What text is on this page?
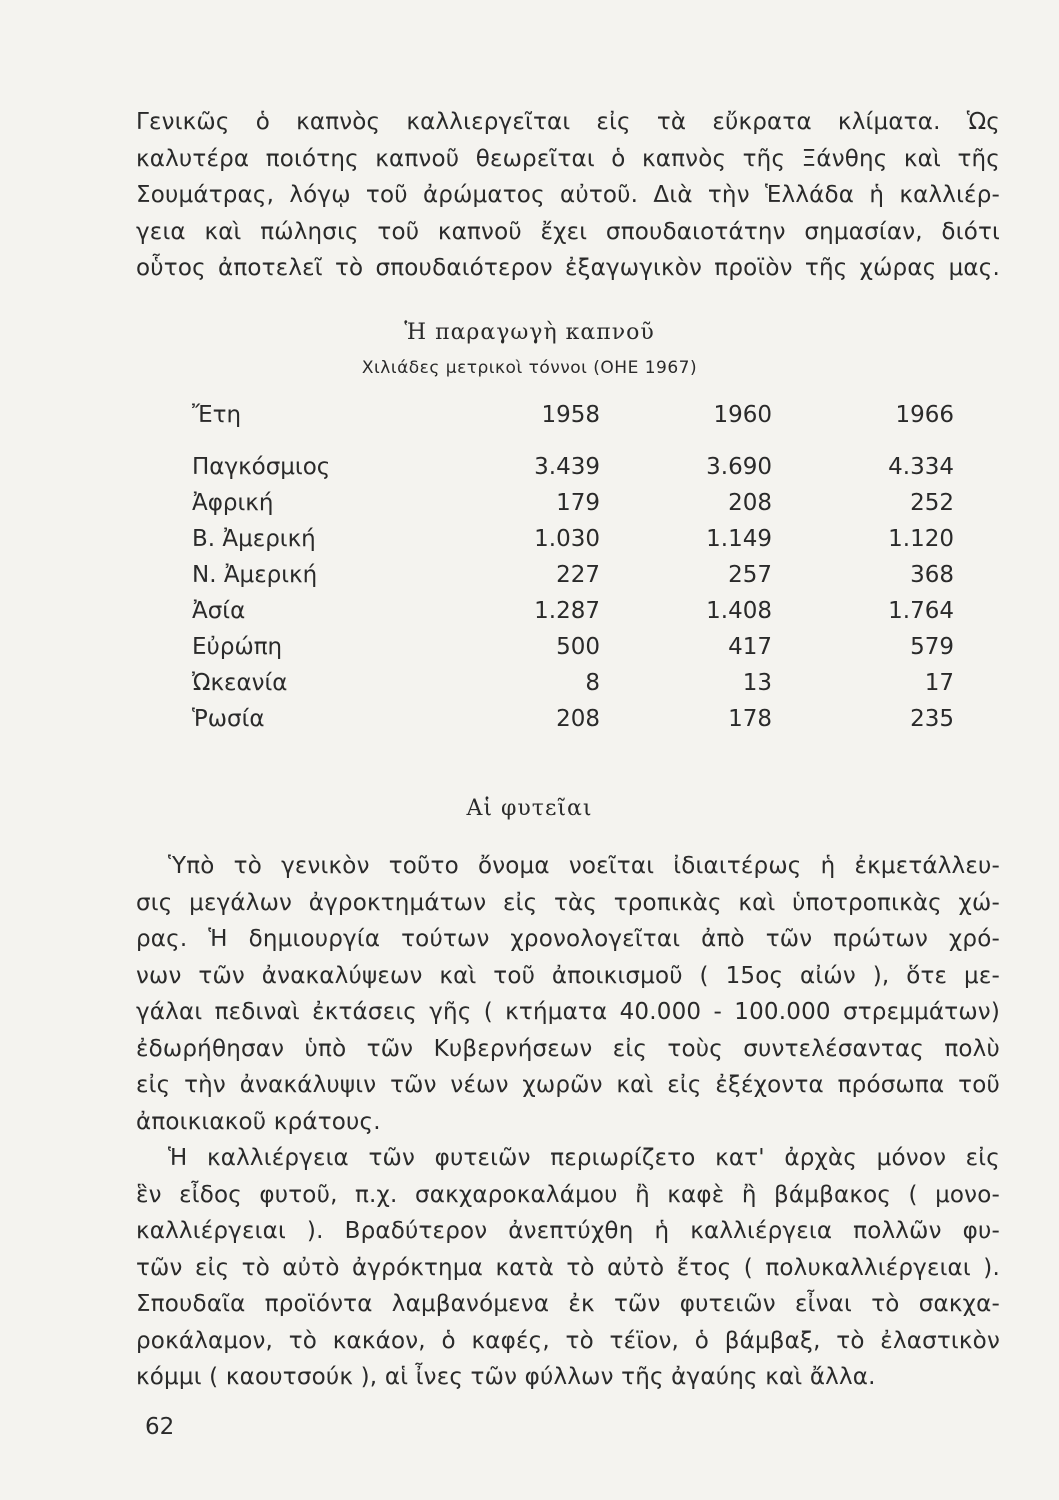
Γενικῶς ὁ καπνὸς καλλιεργεῖται εἰς τὰ εὔκρατα κλίματα. Ὡς
καλυτέρα ποιότης καπνοῦ θεωρεῖται ὁ καπνὸς τῆς Ξάνθης καὶ τῆς
Σουμάτρας, λόγῳ τοῦ ἀρώματος αὐτοῦ. Διὰ τὴν Ἑλλάδα ἡ καλλιέρ-
γεια καὶ πώλησις τοῦ καπνοῦ ἔχει σπουδαιοτάτην σημασίαν, διότι
οὗτος ἀποτελεῖ τὸ σπουδαιότερον ἐξαγωγικὸν προϊὸν τῆς χώρας μας.
Ἡ παραγωγὴ καπνοῦ
Χιλιάδες μετρικοὶ τόννοι (ΟΗΕ 1967)
Ἔτη	1958	1960	1966
Παγκόσμιος	3.439	3.690	4.334
Ἀφρική	179	208	252
Β. Ἀμερική	1.030	1.149	1.120
Ν. Ἀμερική	227	257	368
Ἀσία	1.287	1.408	1.764
Εὐρώπη	500	417	579
Ὠκεανία	8	13	17
Ῥωσία	208	178	235
Αἱ φυτεῖαι
Ὑπὸ τὸ γενικὸν τοῦτο ὄνομα νοεῖται ἰδιαιτέρως ἡ ἐκμετάλλευ-
σις μεγάλων ἀγροκτημάτων εἰς τὰς τροπικὰς καὶ ὑποτροπικὰς χώ-
ρας. Ἡ δημιουργία τούτων χρονολογεῖται ἀπὸ τῶν πρώτων χρό-
νων τῶν ἀνακαλύψεων καὶ τοῦ ἀποικισμοῦ ( 15ος αἰών ), ὅτε με-
γάλαι πεδιναὶ ἐκτάσεις γῆς ( κτήματα 40.000 - 100.000 στρεμμάτων)
ἐδωρήθησαν ὑπὸ τῶν Κυβερνήσεων εἰς τοὺς συντελέσαντας πολὺ
εἰς τὴν ἀνακάλυψιν τῶν νέων χωρῶν καὶ εἰς ἐξέχοντα πρόσωπα τοῦ
ἀποικιακοῦ κράτους.
Ἡ καλλιέργεια τῶν φυτειῶν περιωρίζετο κατ' ἀρχὰς μόνον εἰς
ἓν εἶδος φυτοῦ, π.χ. σακχαροκαλάμου ἢ καφὲ ἢ βάμβακος ( μονο-
καλλιέργειαι ). Βραδύτερον ἀνεπτύχθη ἡ καλλιέργεια πολλῶν φυ-
τῶν εἰς τὸ αὐτὸ ἀγρόκτημα κατὰ τὸ αὐτὸ ἔτος ( πολυκαλλιέργειαι ).
Σπουδαῖα προϊόντα λαμβανόμενα ἐκ τῶν φυτειῶν εἶναι τὸ σακχα-
ροκάλαμον, τὸ κακάον, ὁ καφές, τὸ τέϊον, ὁ βάμβαξ, τὸ ἐλαστικὸν
κόμμι ( καουτσούκ ), αἱ ἶνες τῶν φύλλων τῆς ἀγαύης καὶ ἄλλα.
62
